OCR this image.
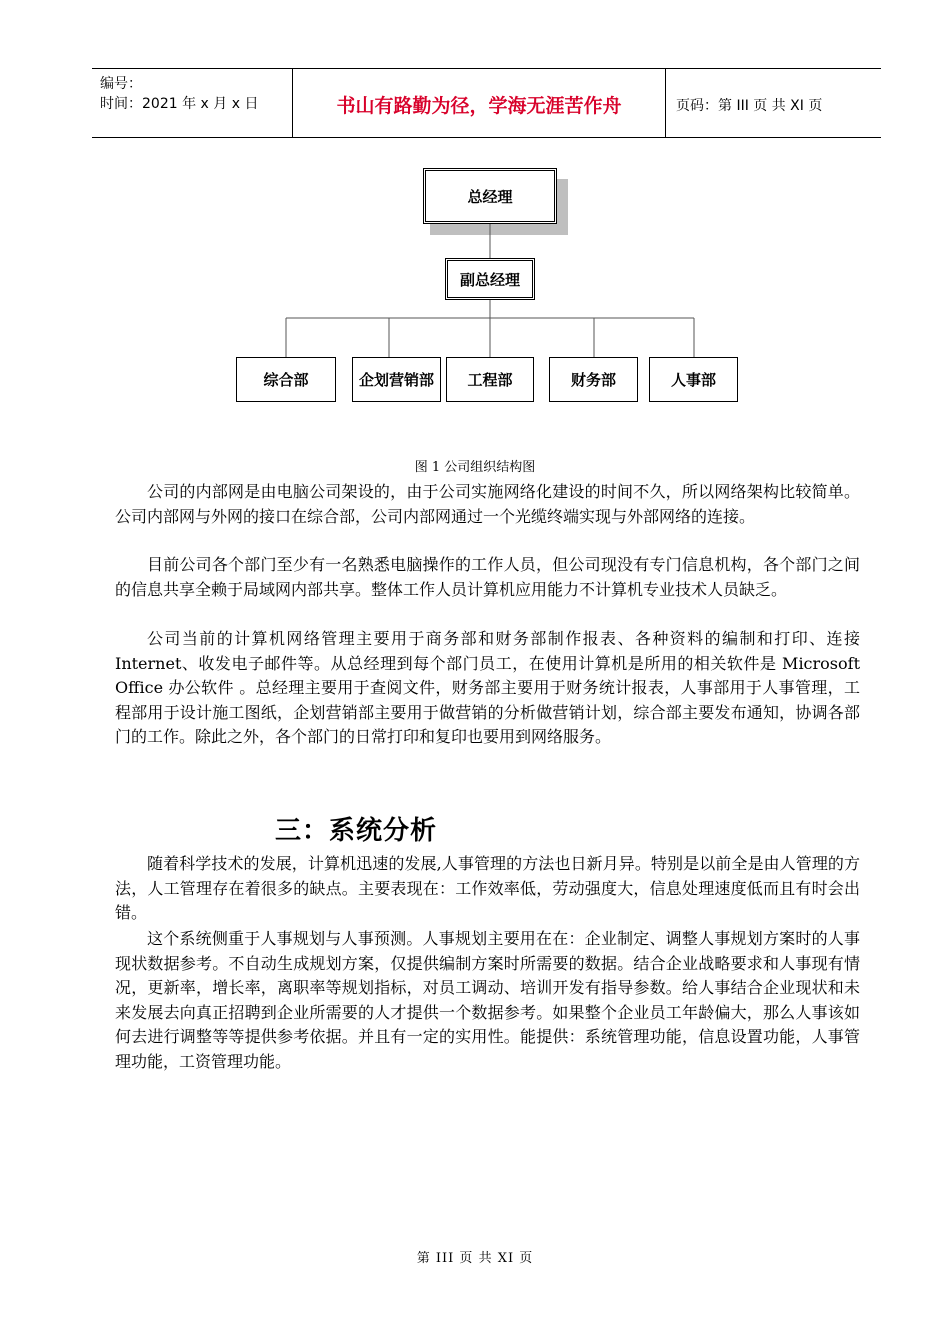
编号：
时间：2021 年 x 月 x 日	书山有路勤为径，学海无涯苦作舟	页码：第 III 页 共 XI 页
总经理
副总经理
综合部	企划营销部	工程部	财务部	人事部
图 1 公司组织结构图

公司的内部网是由电脑公司架设的，由于公司实施网络化建设的时间不久，所以网络架构比较简单。公司内部网与外网的接口在综合部，公司内部网通过一个光缆终端实现与外部网络的连接。

目前公司各个部门至少有一名熟悉电脑操作的工作人员，但公司现没有专门信息机构，各个部门之间的信息共享全赖于局域网内部共享。整体工作人员计算机应用能力不计算机专业技术人员缺乏。

公司当前的计算机网络管理主要用于商务部和财务部制作报表、各种资料的编制和打印、连接 Internet、收发电子邮件等。从总经理到每个部门员工，在使用计算机是所用的相关软件是 Microsoft Office 办公软件 。总经理主要用于查阅文件，财务部主要用于财务统计报表，人事部用于人事管理，工程部用于设计施工图纸，企划营销部主要用于做营销的分析做营销计划，综合部主要发布通知，协调各部门的工作。除此之外，各个部门的日常打印和复印也要用到网络服务。

三：系统分析

随着科学技术的发展，计算机迅速的发展,人事管理的方法也日新月异。特别是以前全是由人管理的方法，人工管理存在着很多的缺点。主要表现在：工作效率低，劳动强度大，信息处理速度低而且有时会出错。

这个系统侧重于人事规划与人事预测。人事规划主要用在在：企业制定、调整人事规划方案时的人事现状数据参考。不自动生成规划方案，仅提供编制方案时所需要的数据。结合企业战略要求和人事现有情况，更新率，增长率，离职率等规划指标，对员工调动、培训开发有指导参数。给人事结合企业现状和未来发展去向真正招聘到企业所需要的人才提供一个数据参考。如果整个企业员工年龄偏大，那么人事该如何去进行调整等等提供参考依据。并且有一定的实用性。能提供：系统管理功能，信息设置功能，人事管理功能，工资管理功能。

第 III 页 共 XI 页
